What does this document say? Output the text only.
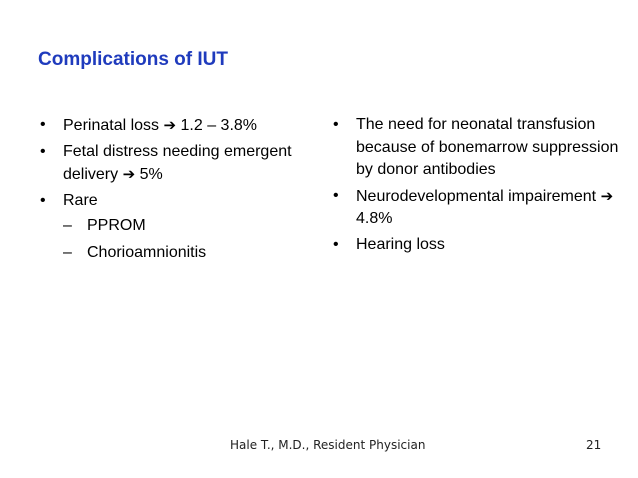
Complications of IUT
•	Perinatal loss ➔ 1.2 – 3.8%
•	Fetal distress needing emergent delivery ➔ 5%
•	Rare
– PPROM
– Chorioamnionitis
•	The need for neonatal transfusion because of bonemarrow suppression by donor antibodies
•	Neurodevelopmental impairement ➔ 4.8%
•	Hearing loss
Hale T., M.D., Resident Physician	21
